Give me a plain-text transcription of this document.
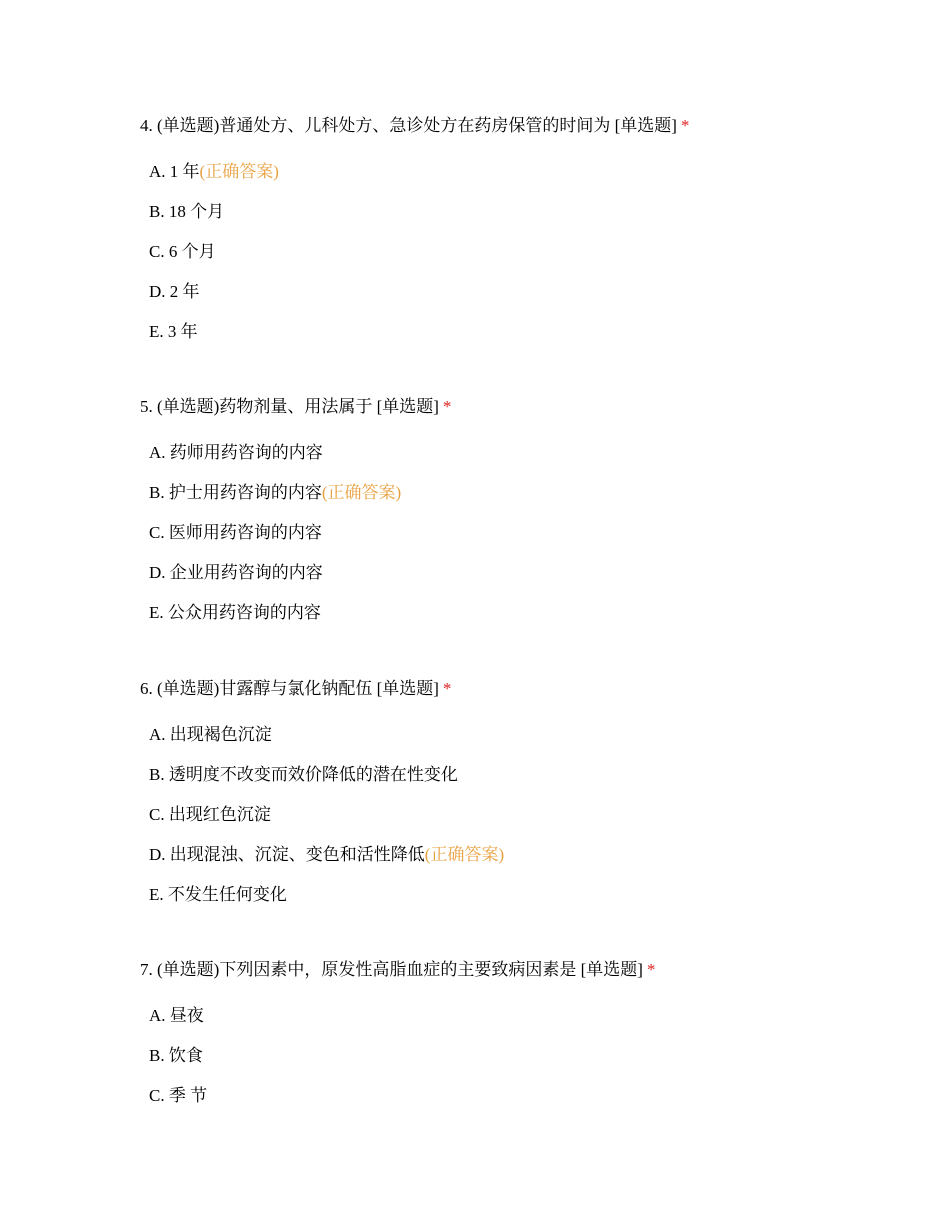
4. (单选题)普通处方、儿科处方、急诊处方在药房保管的时间为 [单选题] *
A. 1 年(正确答案)
B. 18 个月
C. 6 个月
D. 2 年
E. 3 年
5. (单选题)药物剂量、用法属于 [单选题] *
A. 药师用药咨询的内容
B. 护士用药咨询的内容(正确答案)
C. 医师用药咨询的内容
D. 企业用药咨询的内容
E. 公众用药咨询的内容
6. (单选题)甘露醇与氯化钠配伍 [单选题] *
A. 出现褐色沉淀
B. 透明度不改变而效价降低的潜在性变化
C. 出现红色沉淀
D. 出现混浊、沉淀、变色和活性降低(正确答案)
E. 不发生任何变化
7. (单选题)下列因素中，原发性高脂血症的主要致病因素是 [单选题] *
A. 昼夜
B. 饮食
C. 季 节
